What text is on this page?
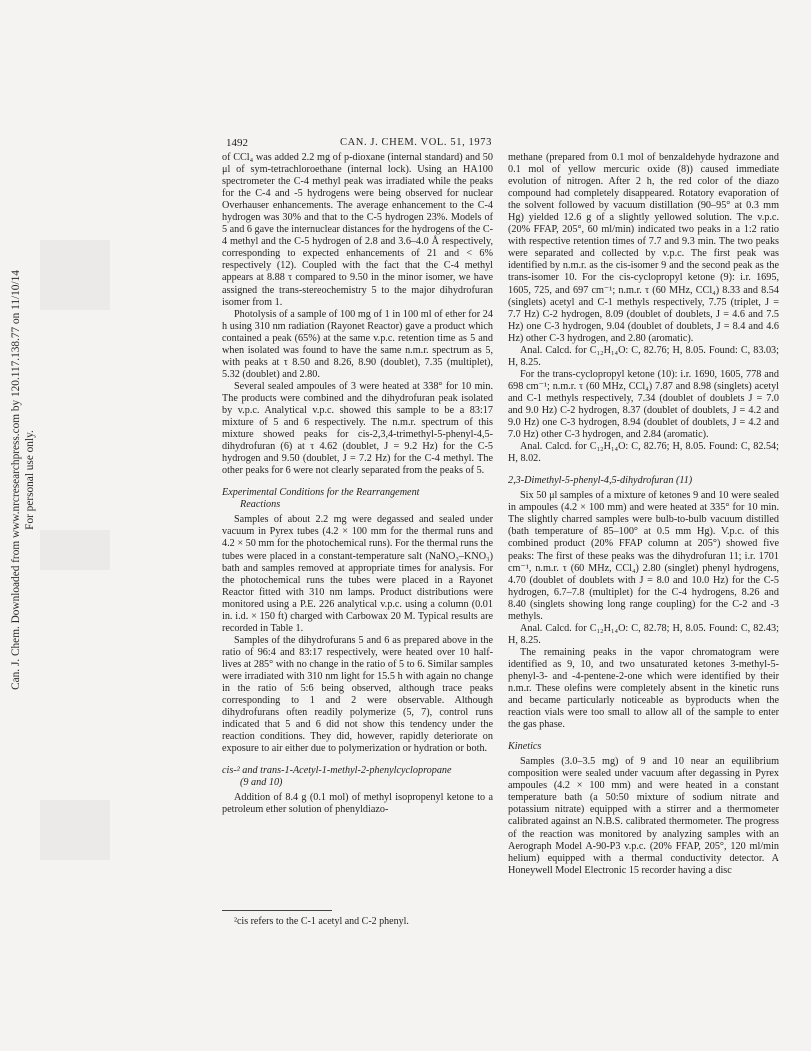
Can. J. Chem. Downloaded from www.nrcresearchpress.com by 120.117.138.77 on 11/10/14 For personal use only.
1492	CAN. J. CHEM. VOL. 51, 1973

of CCl₄ was added 2.2 mg of p-dioxane (internal standard) and 50 μl of sym-tetrachloroethane (internal lock). Using an HA100 spectrometer the C-4 methyl peak was irradiated while the peaks for the C-4 and -5 hydrogens were being observed for nuclear Overhauser enhancements. The average enhancement to the C-4 hydrogen was 30% and that to the C-5 hydrogen 23%. Models of 5 and 6 gave the internuclear distances for the hydrogens of the C-4 methyl and the C-5 hydrogen of 2.8 and 3.6–4.0 Å respectively, corresponding to expected enhancements of 21 and < 6% respectively (12). Coupled with the fact that the C-4 methyl appears at 8.88 τ compared to 9.50 in the minor isomer, we have assigned the trans-stereochemistry 5 to the major dihydrofuran isomer from 1.

Photolysis of a sample of 100 mg of 1 in 100 ml of ether for 24 h using 310 nm radiation (Rayonet Reactor) gave a product which contained a peak (65%) at the same v.p.c. retention time as 5 and when isolated was found to have the same n.m.r. spectrum as 5, with peaks at τ 8.50 and 8.26, 8.90 (doublet), 7.35 (multiplet), 5.32 (doublet) and 2.80.

Several sealed ampoules of 3 were heated at 338° for 10 min. The products were combined and the dihydrofuran peak isolated by v.p.c. Analytical v.p.c. showed this sample to be a 83:17 mixture of 5 and 6 respectively. The n.m.r. spectrum of this mixture showed peaks for cis-2,3,4-trimethyl-5-phenyl-4,5-dihydrofuran (6) at τ 4.62 (doublet, J = 9.2 Hz) for the C-5 hydrogen and 9.50 (doublet, J = 7.2 Hz) for the C-4 methyl. The other peaks for 6 were not clearly separated from the peaks of 5.

Experimental Conditions for the Rearrangement
Reactions

Samples of about 2.2 mg were degassed and sealed under vacuum in Pyrex tubes (4.2 × 100 mm for the thermal runs and 4.2 × 50 mm for the photochemical runs). For the thermal runs the tubes were placed in a constant-temperature salt (NaNO₃–KNO₃) bath and samples removed at appropriate times for analysis. For the photochemical runs the tubes were placed in a Rayonet Reactor fitted with 310 nm lamps. Product distributions were monitored using a P.E. 226 analytical v.p.c. using a column (0.01 in. i.d. × 150 ft) charged with Carbowax 20 M. Typical results are recorded in Table 1.

Samples of the dihydrofurans 5 and 6 as prepared above in the ratio of 96:4 and 83:17 respectively, were heated over 10 half-lives at 285° with no change in the ratio of 5 to 6. Similar samples were irradiated with 310 nm light for 15.5 h with again no change in the ratio of 5:6 being observed, although trace peaks corresponding to 1 and 2 were observable. Although dihydrofurans often readily polymerize (5, 7), control runs indicated that 5 and 6 did not show this tendency under the reaction conditions. They did, however, rapidly deteriorate on exposure to air either due to polymerization or hydration or both.

cis-² and trans-1-Acetyl-1-methyl-2-phenylcyclopropane
(9 and 10)

Addition of 8.4 g (0.1 mol) of methyl isopropenyl ketone to a petroleum ether solution of phenyldiazo-

²cis refers to the C-1 acetyl and C-2 phenyl.

methane (prepared from 0.1 mol of benzaldehyde hydrazone and 0.1 mol of yellow mercuric oxide (8)) caused immediate evolution of nitrogen. After 2 h, the red color of the diazo compound had completely disappeared. Rotatory evaporation of the solvent followed by vacuum distillation (90–95° at 0.3 mm Hg) yielded 12.6 g of a slightly yellowed solution. The v.p.c. (20% FFAP, 205°, 60 ml/min) indicated two peaks in a 1:2 ratio with respective retention times of 7.7 and 9.3 min. The two peaks were separated and collected by v.p.c. The first peak was identified by n.m.r. as the cis-isomer 9 and the second peak as the trans-isomer 10. For the cis-cyclopropyl ketone (9): i.r. 1695, 1605, 725, and 697 cm⁻¹; n.m.r. τ (60 MHz, CCl₄) 8.33 and 8.54 (singlets) acetyl and C-1 methyls respectively, 7.75 (triplet, J = 7.7 Hz) C-2 hydrogen, 8.09 (doublet of doublets, J = 4.6 and 7.5 Hz) one C-3 hydrogen, 9.04 (doublet of doublets, J = 8.4 and 4.6 Hz) other C-3 hydrogen, and 2.80 (aromatic).

Anal. Calcd. for C₁₂H₁₄O: C, 82.76; H, 8.05. Found: C, 83.03; H, 8.25.

For the trans-cyclopropyl ketone (10): i.r. 1690, 1605, 778 and 698 cm⁻¹; n.m.r. τ (60 MHz, CCl₄) 7.87 and 8.98 (singlets) acetyl and C-1 methyls respectively, 7.34 (doublet of doublets J = 7.0 and 9.0 Hz) C-2 hydrogen, 8.37 (doublet of doublets, J = 4.2 and 9.0 Hz) one C-3 hydrogen, 8.94 (doublet of doublets, J = 4.2 and 7.0 Hz) other C-3 hydrogen, and 2.84 (aromatic).

Anal. Calcd. for C₁₂H₁₄O: C, 82.76; H, 8.05. Found: C, 82.54; H, 8.02.

2,3-Dimethyl-5-phenyl-4,5-dihydrofuran (11)

Six 50 μl samples of a mixture of ketones 9 and 10 were sealed in ampoules (4.2 × 100 mm) and were heated at 335° for 10 min. The slightly charred samples were bulb-to-bulb vacuum distilled (bath temperature of 85–100° at 0.5 mm Hg). V.p.c. of this combined product (20% FFAP column at 205°) showed five peaks: The first of these peaks was the dihydrofuran 11; i.r. 1701 cm⁻¹, n.m.r. τ (60 MHz, CCl₄) 2.80 (singlet) phenyl hydrogens, 4.70 (doublet of doublets with J = 8.0 and 10.0 Hz) for the C-5 hydrogen, 6.7–7.8 (multiplet) for the C-4 hydrogens, 8.26 and 8.40 (singlets showing long range coupling) for the C-2 and -3 methyls.

Anal. Calcd. for C₁₂H₁₄O: C, 82.78; H, 8.05. Found: C, 82.43; H, 8.25.

The remaining peaks in the vapor chromatogram were identified as 9, 10, and two unsaturated ketones 3-methyl-5-phenyl-3- and -4-pentene-2-one which were identified by their n.m.r. These olefins were completely absent in the kinetic runs and became particularly noticeable as byproducts when the reaction vials were too small to allow all of the sample to enter the gas phase.

Kinetics

Samples (3.0–3.5 mg) of 9 and 10 near an equilibrium composition were sealed under vacuum after degassing in Pyrex ampoules (4.2 × 100 mm) and were heated in a constant temperature bath (a 50:50 mixture of sodium nitrate and potassium nitrate) equipped with a stirrer and a thermometer calibrated against an N.B.S. calibrated thermometer. The progress of the reaction was monitored by analyzing samples with an Aerograph Model A-90-P3 v.p.c. (20% FFAP, 205°, 120 ml/min helium) equipped with a thermal conductivity detector. A Honeywell Model Electronic 15 recorder having a disc
